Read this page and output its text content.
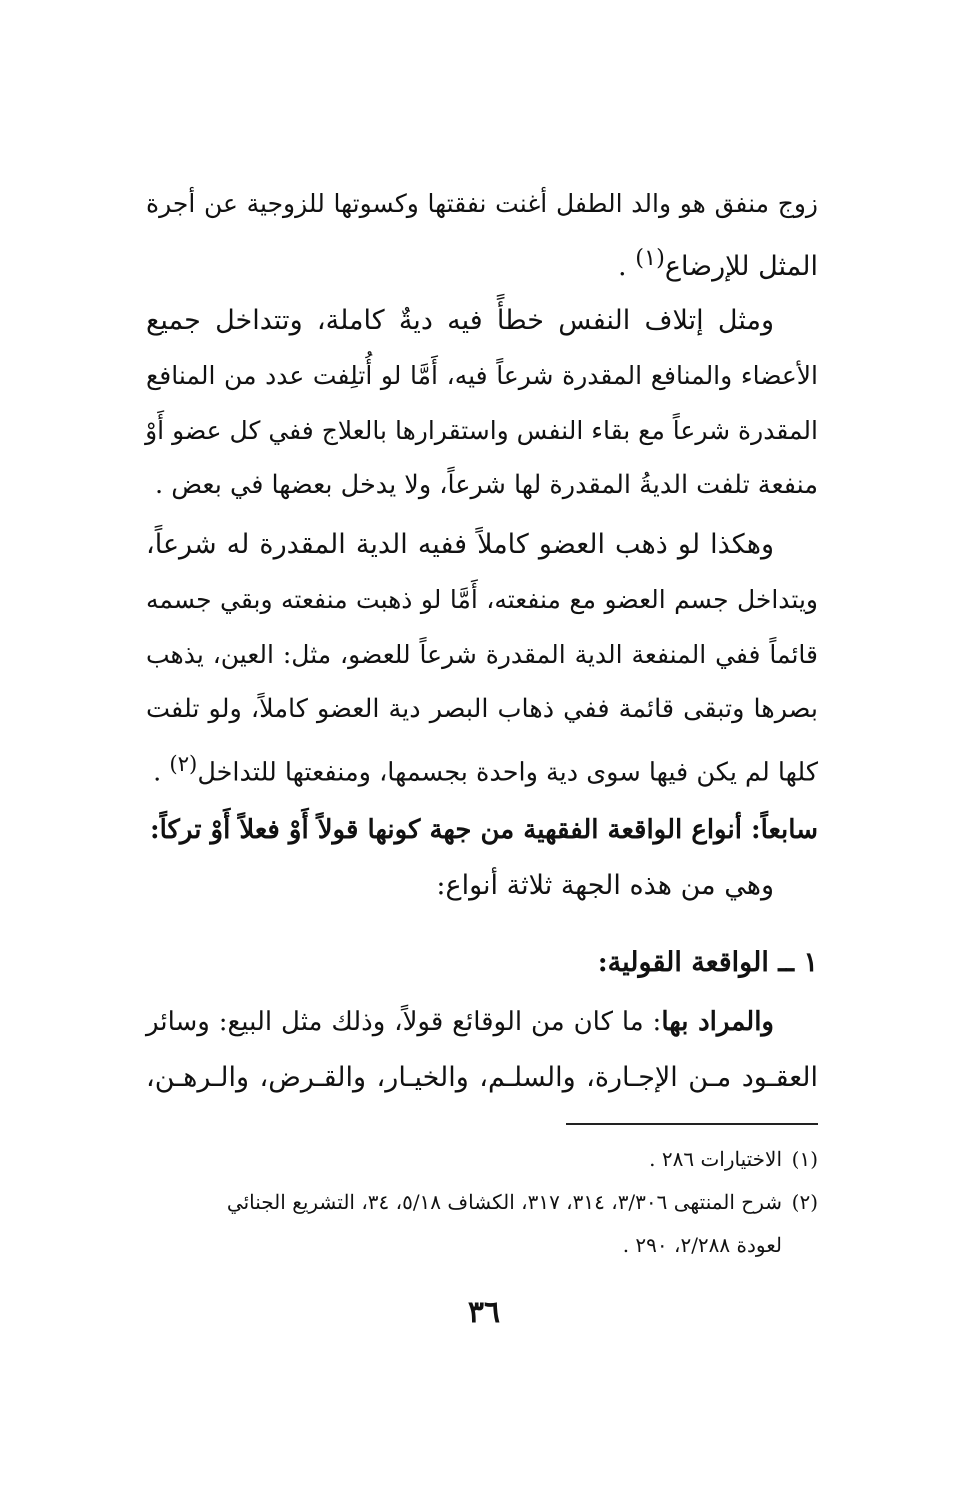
زوج منفق هو والد الطفل أغنت نفقتها وكسوتها للزوجية عن أجرة
المثل للإرضاع$^{(١)}$ .
ومثل إتلاف النفس خطأً فيه ديةٌ كاملة، وتتداخل جميع
الأعضاء والمنافع المقدرة شرعاً فيه، أَمَّا لو أُتلِفت عدد من المنافع
المقدرة شرعاً مع بقاء النفس واستقرارها بالعلاج ففي كل عضو أَوْ
منفعة تلفت الديةُ المقدرة لها شرعاً، ولا يدخل بعضها في بعض .
وهكذا لو ذهب العضو كاملاً ففيه الدية المقدرة له شرعاً،
ويتداخل جسم العضو مع منفعته، أَمَّا لو ذهبت منفعته وبقي جسمه
قائماً ففي المنفعة الدية المقدرة شرعاً للعضو، مثل: العين، يذهب
بصرها وتبقى قائمة ففي ذهاب البصر دية العضو كاملاً، ولو تلفت
كلها لم يكن فيها سوى دية واحدة بجسمها، ومنفعتها للتداخل$^{(٢)}$ .
سابعاً: أنواع الواقعة الفقهية من جهة كونها قولاً أَوْ فعلاً أَوْ تركاً:
وهي من هذه الجهة ثلاثة أنواع:
١ ــ الواقعة القولية:
والمراد بها: ما كان من الوقائع قولاً، وذلك مثل البيع: وسائر
العقـود مـن الإجـارة، والسلـم، والخيـار، والقـرض، والـرهـن،
(١)الاختيارات ٢٨٦ .
(٢)شرح المنتهى ٣/٣٠٦، ٣١٤، ٣١٧، الكشاف ٥/١٨، ٣٤، التشريع الجنائي
لعودة ٢/٢٨٨، ٢٩٠ .
٣٦
